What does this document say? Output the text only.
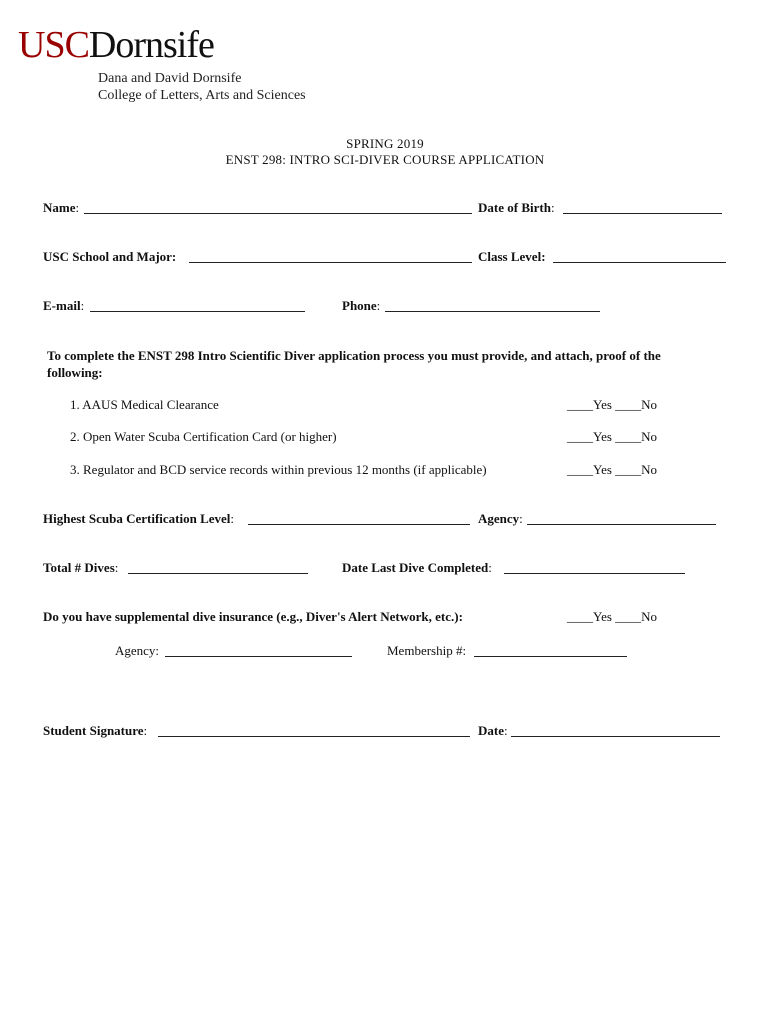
USCDornsife
Dana and David Dornsife
College of Letters, Arts and Sciences
SPRING 2019
ENST 298: INTRO SCI-DIVER COURSE APPLICATION
Name:	Date of Birth:
USC School and Major:	Class Level:
E-mail:	Phone:
To complete the ENST 298 Intro Scientific Diver application process you must provide, and attach, proof of the following:
1. AAUS Medical Clearance	____Yes ____No
2. Open Water Scuba Certification Card (or higher)	____Yes ____No
3. Regulator and BCD service records within previous 12 months (if applicable)	____Yes ____No
Highest Scuba Certification Level:	Agency:
Total # Dives:	Date Last Dive Completed:
Do you have supplemental dive insurance (e.g., Diver's Alert Network, etc.):	____Yes ____No
Agency:	Membership #:
Student Signature:	Date:
